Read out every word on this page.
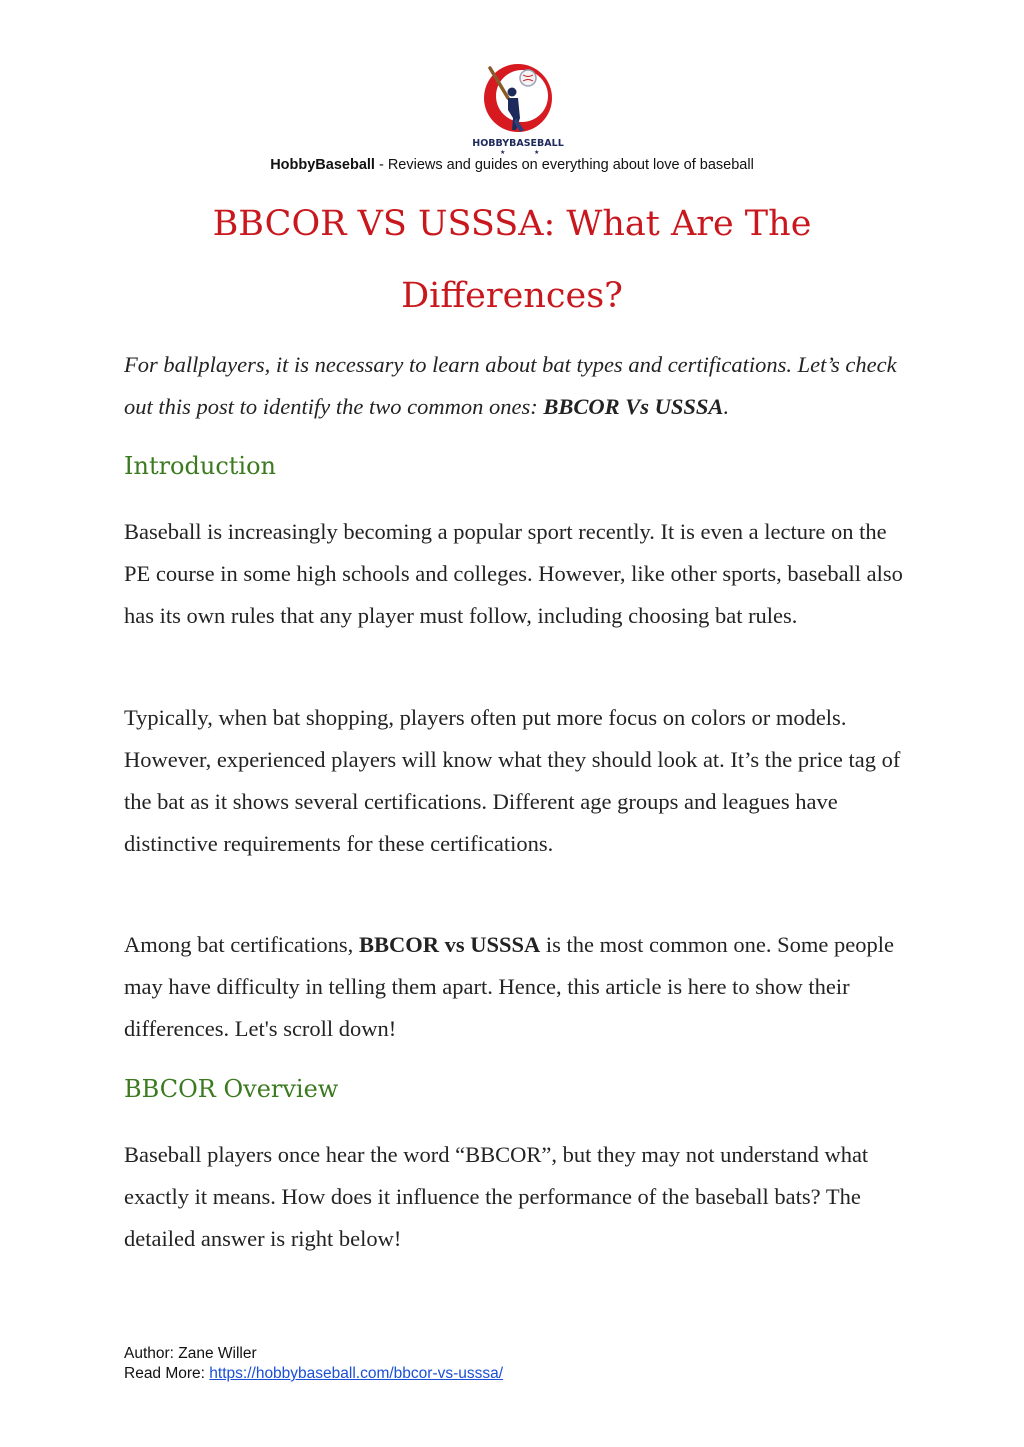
HOBBYBASEBALL
★	★
HobbyBaseball - Reviews and guides on everything about love of baseball
BBCOR VS USSSA: What Are The Differences?

For ballplayers, it is necessary to learn about bat types and certifications. Let’s check out this post to identify the two common ones: BBCOR Vs USSSA.

Introduction

Baseball is increasingly becoming a popular sport recently. It is even a lecture on the PE course in some high schools and colleges. However, like other sports, baseball also has its own rules that any player must follow, including choosing bat rules.

Typically, when bat shopping, players often put more focus on colors or models. However, experienced players will know what they should look at. It’s the price tag of the bat as it shows several certifications. Different age groups and leagues have distinctive requirements for these certifications.

Among bat certifications, BBCOR vs USSSA is the most common one. Some people may have difficulty in telling them apart. Hence, this article is here to show their differences. Let's scroll down!

BBCOR Overview

Baseball players once hear the word “BBCOR”, but they may not understand what exactly it means. How does it influence the performance of the baseball bats? The detailed answer is right below!

Author: Zane Willer
Read More: https://hobbybaseball.com/bbcor-vs-usssa/
